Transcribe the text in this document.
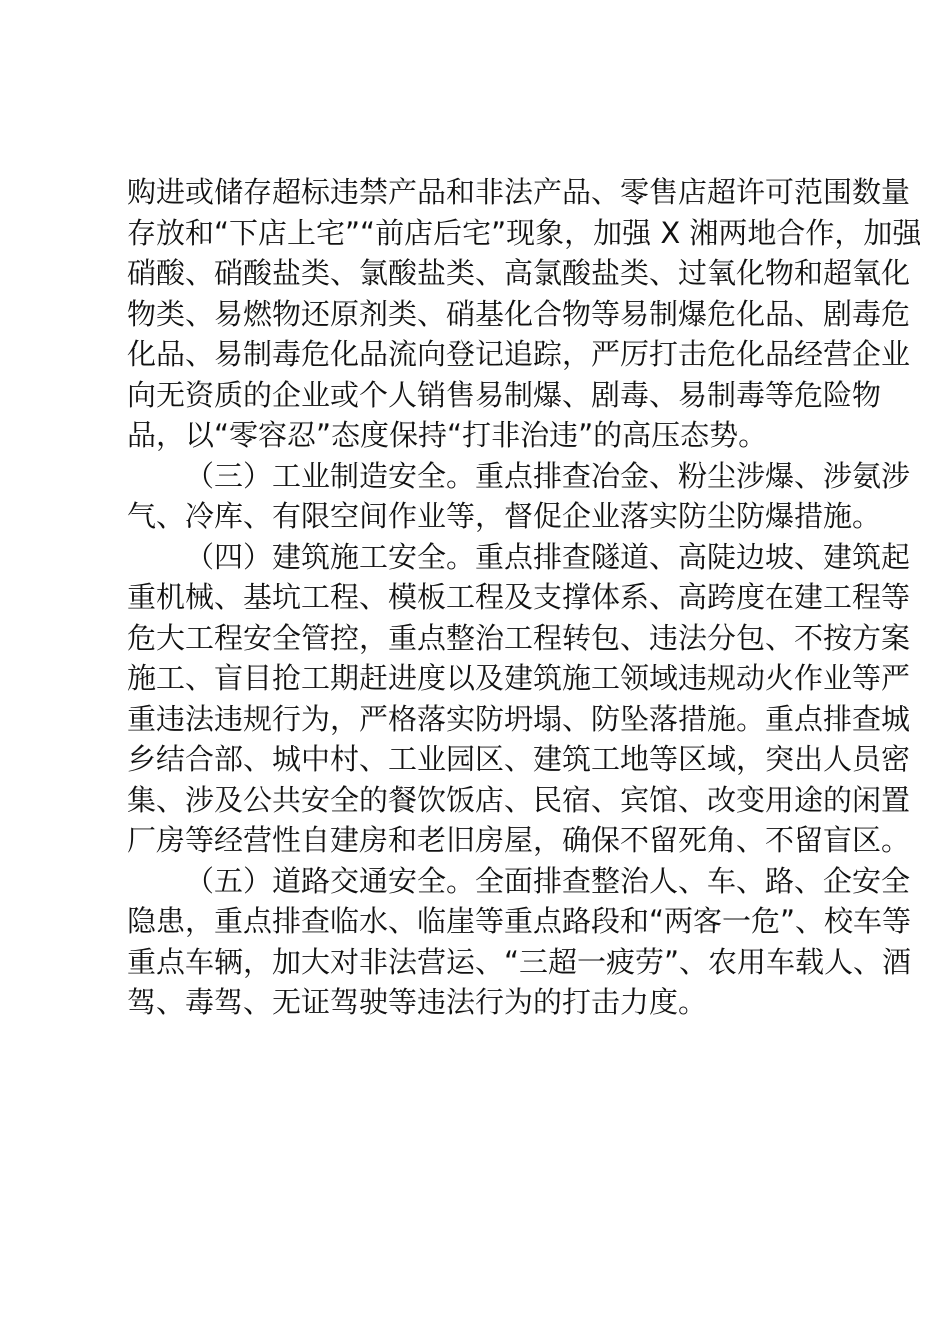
购进或储存超标违禁产品和非法产品、零售店超许可范围数量
存放和“下店上宅”“前店后宅”现象，加强 X 湘两地合作，加强
硝酸、硝酸盐类、氯酸盐类、高氯酸盐类、过氧化物和超氧化
物类、易燃物还原剂类、硝基化合物等易制爆危化品、剧毒危
化品、易制毒危化品流向登记追踪，严厉打击危化品经营企业
向无资质的企业或个人销售易制爆、剧毒、易制毒等危险物
品，以“零容忍”态度保持“打非治违”的高压态势。
（三）工业制造安全。重点排查冶金、粉尘涉爆、涉氨涉
气、冷库、有限空间作业等，督促企业落实防尘防爆措施。
（四）建筑施工安全。重点排查隧道、高陡边坡、建筑起
重机械、基坑工程、模板工程及支撑体系、高跨度在建工程等
危大工程安全管控，重点整治工程转包、违法分包、不按方案
施工、盲目抢工期赶进度以及建筑施工领域违规动火作业等严
重违法违规行为，严格落实防坍塌、防坠落措施。重点排查城
乡结合部、城中村、工业园区、建筑工地等区域，突出人员密
集、涉及公共安全的餐饮饭店、民宿、宾馆、改变用途的闲置
厂房等经营性自建房和老旧房屋，确保不留死角、不留盲区。
（五）道路交通安全。全面排查整治人、车、路、企安全
隐患，重点排查临水、临崖等重点路段和“两客一危”、校车等
重点车辆，加大对非法营运、“三超一疲劳”、农用车载人、酒
驾、毒驾、无证驾驶等违法行为的打击力度。
